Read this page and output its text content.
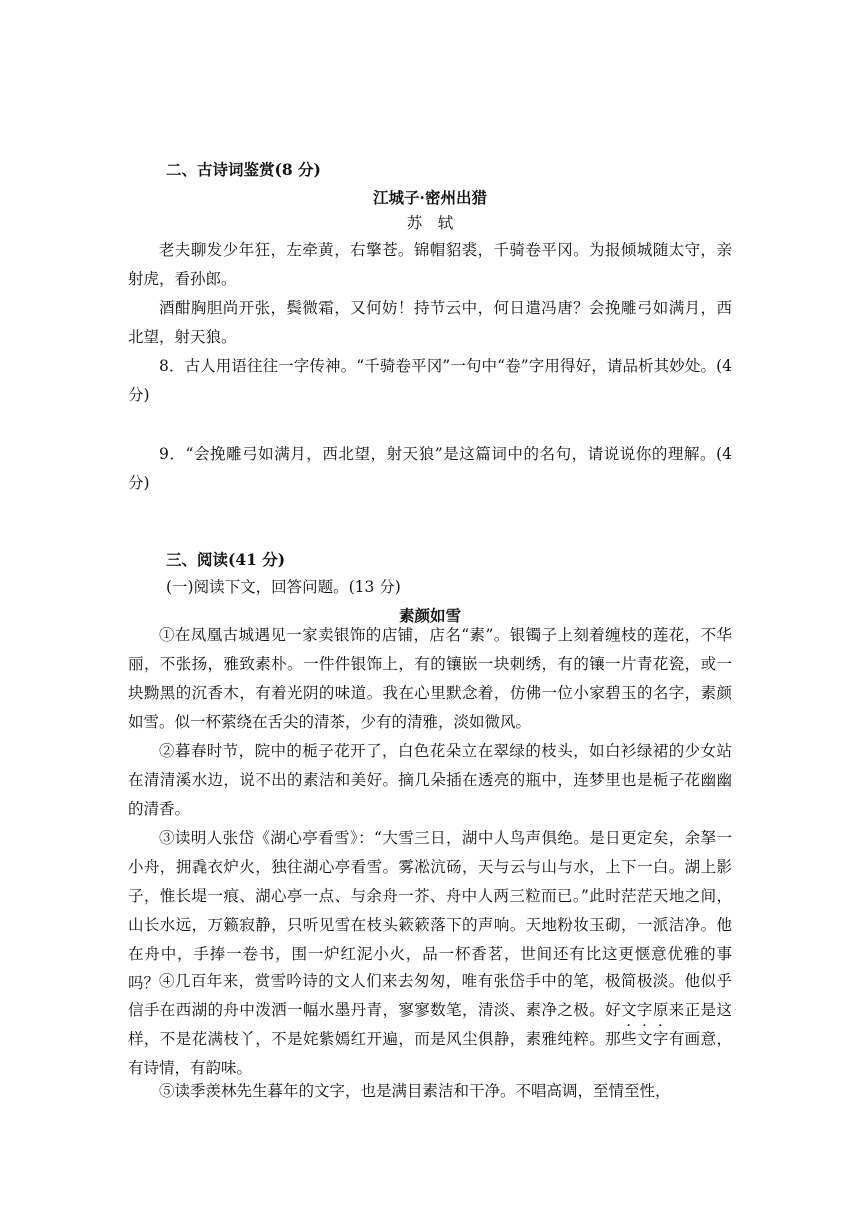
二、古诗词鉴赏(8 分)

江城子·密州出猎

苏　轼

老夫聊发少年狂，左牵黄，右擎苍。锦帽貂裘，千骑卷平冈。为报倾城随太守，亲射虎，看孙郎。

酒酣胸胆尚开张，鬓微霜，又何妨！持节云中，何日遣冯唐？会挽雕弓如满月，西北望，射天狼。

8．古人用语往往一字传神。“千骑卷平冈”一句中“卷”字用得好，请品析其妙处。(4 分)

9．“会挽雕弓如满月，西北望，射天狼”是这篇词中的名句，请说说你的理解。(4 分)

三、阅读(41 分)

(一)阅读下文，回答问题。(13 分)

素颜如雪

①在凤凰古城遇见一家卖银饰的店铺，店名“素”。银镯子上刻着缠枝的莲花，不华丽，不张扬，雅致素朴。一件件银饰上，有的镶嵌一块刺绣，有的镶一片青花瓷，或一块黝黑的沉香木，有着光阴的味道。我在心里默念着，仿佛一位小家碧玉的名字，素颜如雪。似一杯萦绕在舌尖的清茶，少有的清雅，淡如微风。

②暮春时节，院中的栀子花开了，白色花朵立在翠绿的枝头，如白衫绿裙的少女站在清清溪水边，说不出的素洁和美好。摘几朵插在透亮的瓶中，连梦里也是栀子花幽幽的清香。

③读明人张岱《湖心亭看雪》：“大雪三日，湖中人鸟声俱绝。是日更定矣，余拏一小舟，拥毳衣炉火，独往湖心亭看雪。雾凇沆砀，天与云与山与水，上下一白。湖上影子，惟长堤一痕、湖心亭一点、与余舟一芥、舟中人两三粒而已。”此时茫茫天地之间，山长水远，万籁寂静，只听见雪在枝头簌簌落下的声响。天地粉妆玉砌，一派洁净。他在舟中，手捧一卷书，围一炉红泥小火，品一杯香茗，世间还有比这更惬意优雅的事吗？ ④几百年来，赏雪吟诗的文人们来去匆匆，唯有张岱手中的笔，极简极淡。他似乎信手在西湖的舟中泼洒一幅水墨丹青，寥寥数笔，清淡、素净之极。好文字原来正是这样，不是花满枝丫，不是姹紫嫣红开遍，而是风尘俱静，素雅纯粹。那些文字有画意，有诗情，有韵味。

⑤读季羡林先生暮年的文字，也是满目素洁和干净。不唱高调，至情至性，
